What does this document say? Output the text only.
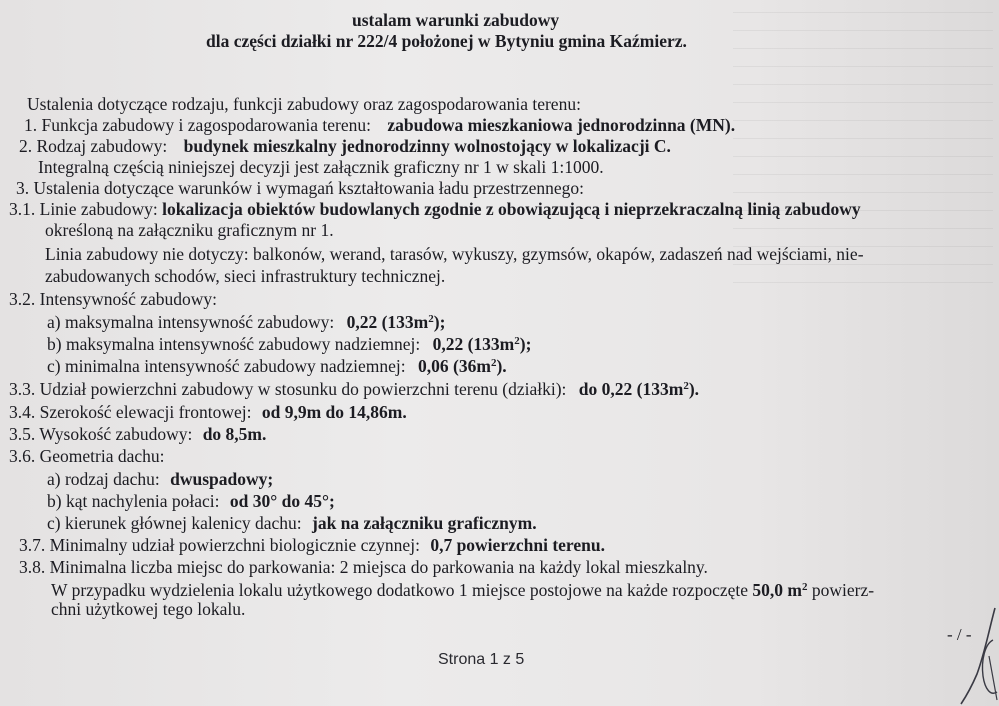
ustalam warunki zabudowy
dla części działki nr 222/4 położonej w Bytyniu gmina Kaźmierz.
Ustalenia dotyczące rodzaju, funkcji zabudowy oraz zagospodarowania terenu:
1. Funkcja zabudowy i zagospodarowania terenu: zabudowa mieszkaniowa jednorodzinna (MN).
2. Rodzaj zabudowy: budynek mieszkalny jednorodzinny wolnostojący w lokalizacji C.
Integralną częścią niniejszej decyzji jest załącznik graficzny nr 1 w skali 1:1000.
3. Ustalenia dotyczące warunków i wymagań kształtowania ładu przestrzennego:
3.1. Linie zabudowy: lokalizacja obiektów budowlanych zgodnie z obowiązującą i nieprzekraczalną linią zabudowy
określoną na załączniku graficznym nr 1.
Linia zabudowy nie dotyczy: balkonów, werand, tarasów, wykuszy, gzymsów, okapów, zadaszeń nad wejściami, nie-
zabudowanych schodów, sieci infrastruktury technicznej.
3.2. Intensywność zabudowy:
a) maksymalna intensywność zabudowy: 0,22 $(133m^2)$;
b) maksymalna intensywność zabudowy nadziemnej: 0,22 $(133m^2)$;
c) minimalna intensywność zabudowy nadziemnej: 0,06 $(36m^2)$.
3.3. Udział powierzchni zabudowy w stosunku do powierzchni terenu (działki): do 0,22 $(133m^2)$.
3.4. Szerokość elewacji frontowej: od 9,9m do 14,86m.
3.5. Wysokość zabudowy: do 8,5m.
3.6. Geometria dachu:
a) rodzaj dachu: dwuspadowy;
b) kąt nachylenia połaci: od 30° do 45°;
c) kierunek głównej kalenicy dachu: jak na załączniku graficznym.
3.7. Minimalny udział powierzchni biologicznie czynnej: 0,7 powierzchni terenu.
3.8. Minimalna liczba miejsc do parkowania: 2 miejsca do parkowania na każdy lokal mieszkalny.
W przypadku wydzielenia lokalu użytkowego dodatkowo 1 miejsce postojowe na każde rozpoczęte 50,0 $m^2$ powierz-
chni użytkowej tego lokalu.
- / -
Strona 1 z 5
